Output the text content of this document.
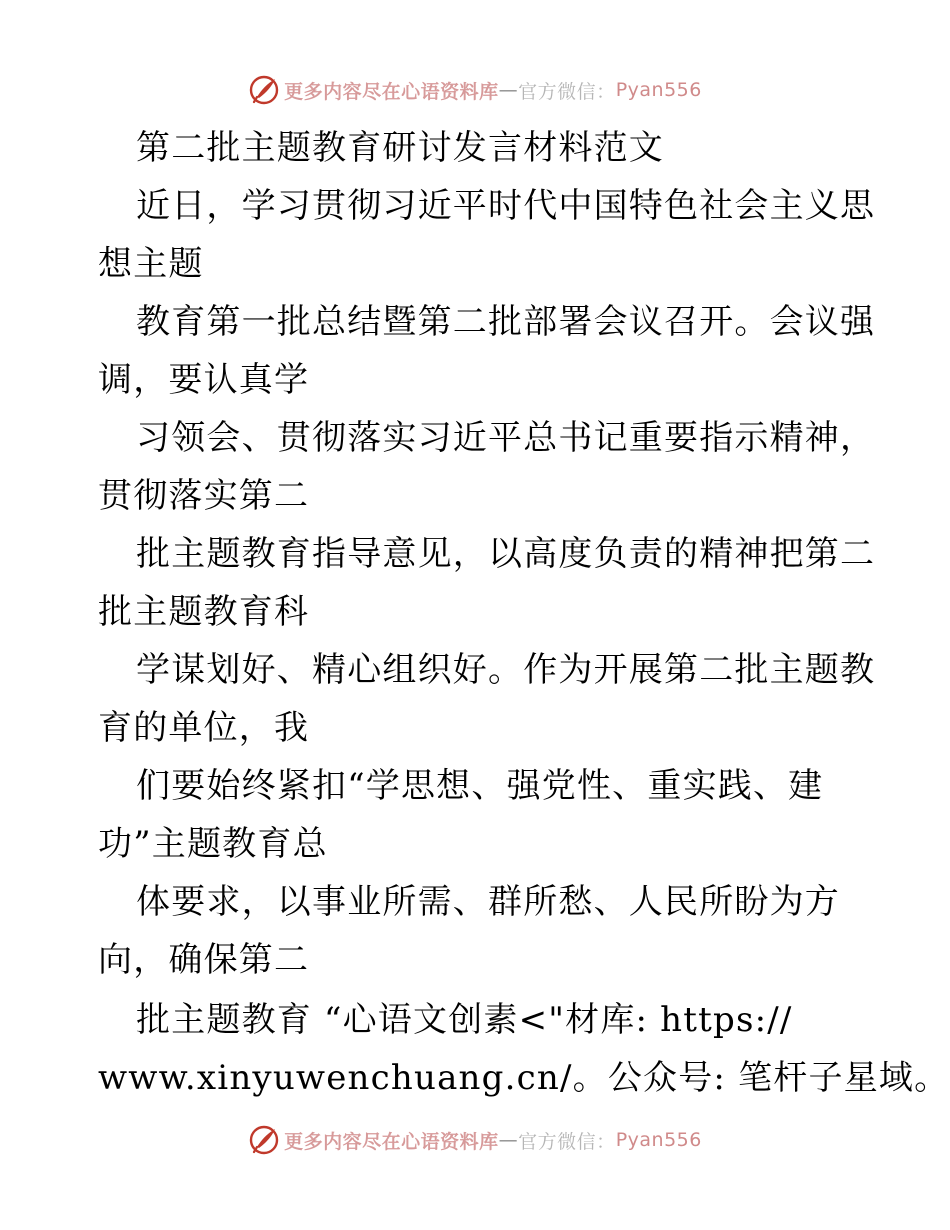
更多内容尽在心语资料库 — 官方微信： Pyan556

第二批主题教育研讨发言材料范文

近日，学习贯彻习近平时代中国特色社会主义思

想主题

教育第一批总结暨第二批部署会议召开。会议强

调，要认真学

习领会、贯彻落实习近平总书记重要指示精神，

贯彻落实第二

批主题教育指导意见，以高度负责的精神把第二

批主题教育科

学谋划好、精心组织好。作为开展第二批主题教

育的单位，我

们要始终紧扣“学思想、强党性、重实践、建

功”主题教育总

体要求，以事业所需、群所愁、人民所盼为方

向，确保第二

批主题教育 “心语文创素<"材库: https://

www.xinyuwenchuang.cn/。公众号: 笔杆子星域。

更多内容尽在心语资料库 — 官方微信： Pyan556
